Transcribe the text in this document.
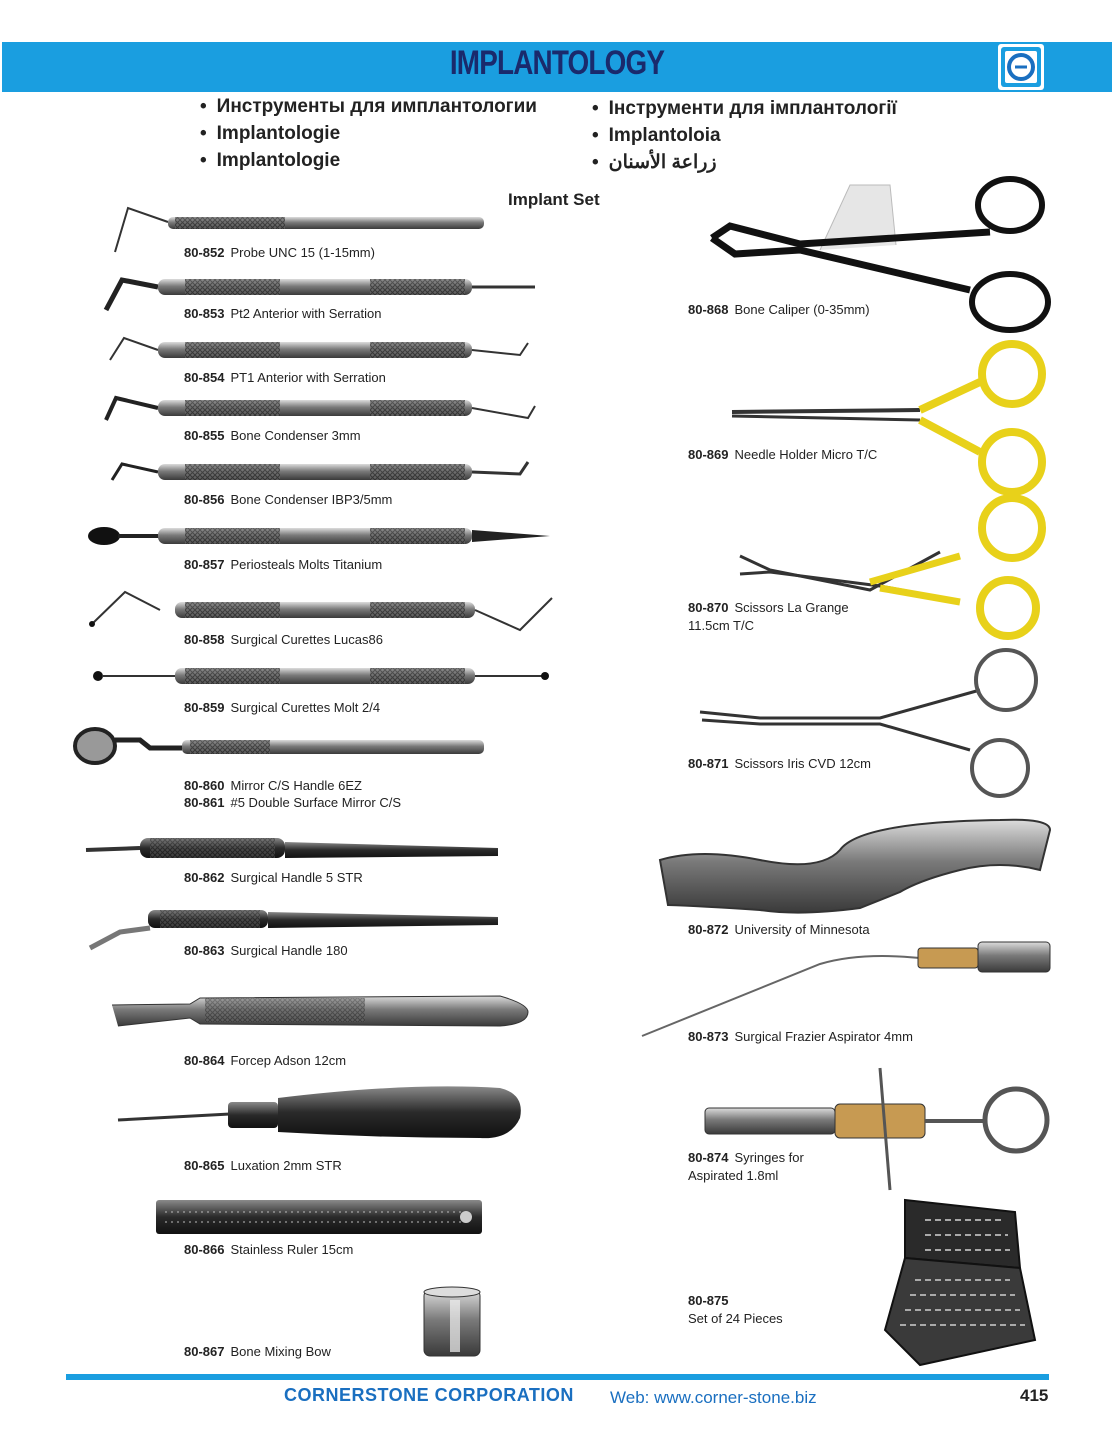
IMPLANTOLOGY
• Инструменты для имплантологии
• Implantologie
• Implantologie
• Інструменти для імплантології
• Implantoloia
• زراعة الأسنان
Implant Set
80-852 Probe UNC 15 (1-15mm)
80-853 Pt2 Anterior with Serration
80-854 PT1 Anterior with Serration
80-855 Bone Condenser 3mm
80-856 Bone Condenser IBP3/5mm
80-857 Periosteals Molts Titanium
80-858 Surgical Curettes Lucas86
80-859 Surgical Curettes Molt 2/4
80-860 Mirror C/S Handle 6EZ
80-861 #5 Double Surface Mirror C/S
80-862 Surgical Handle 5 STR
80-863 Surgical Handle 180
80-864 Forcep Adson 12cm
80-865 Luxation 2mm STR
80-866 Stainless Ruler 15cm
80-867 Bone Mixing Bow
80-868 Bone Caliper (0-35mm)
80-869 Needle Holder Micro T/C
80-870 Scissors La Grange
11.5cm T/C
80-871 Scissors Iris CVD 12cm
80-872 University of Minnesota
80-873 Surgical Frazier Aspirator 4mm
80-874 Syringes for
Aspirated 1.8ml
80-875
Set of 24 Pieces
CORNERSTONE CORPORATION Web: www.corner-stone.biz	415
